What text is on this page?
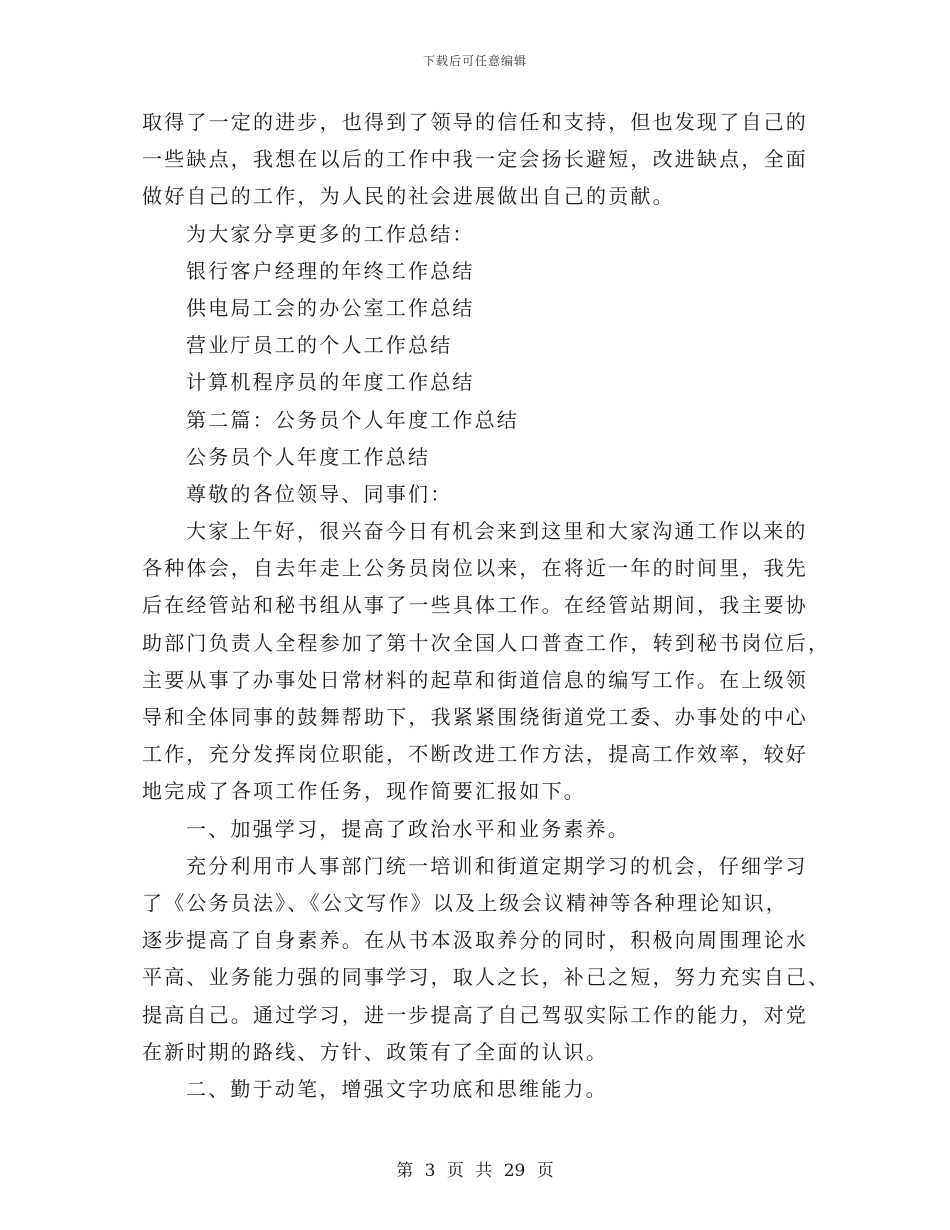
下载后可任意编辑
取得了一定的进步，也得到了领导的信任和支持，但也发现了自己的
一些缺点，我想在以后的工作中我一定会扬长避短，改进缺点，全面
做好自己的工作，为人民的社会进展做出自己的贡献。
为大家分享更多的工作总结：
银行客户经理的年终工作总结
供电局工会的办公室工作总结
营业厅员工的个人工作总结
计算机程序员的年度工作总结
第二篇：公务员个人年度工作总结
公务员个人年度工作总结
尊敬的各位领导、同事们：
大家上午好，很兴奋今日有机会来到这里和大家沟通工作以来的
各种体会，自去年走上公务员岗位以来，在将近一年的时间里，我先
后在经管站和秘书组从事了一些具体工作。在经管站期间，我主要协
助部门负责人全程参加了第十次全国人口普查工作，转到秘书岗位后，
主要从事了办事处日常材料的起草和街道信息的编写工作。在上级领
导和全体同事的鼓舞帮助下，我紧紧围绕街道党工委、办事处的中心
工作，充分发挥岗位职能，不断改进工作方法，提高工作效率，较好
地完成了各项工作任务，现作简要汇报如下。
一、加强学习，提高了政治水平和业务素养。
充分利用市人事部门统一培训和街道定期学习的机会，仔细学习
了《公务员法》、《公文写作》以及上级会议精神等各种理论知识，
逐步提高了自身素养。在从书本汲取养分的同时，积极向周围理论水
平高、业务能力强的同事学习，取人之长，补己之短，努力充实自己、
提高自己。通过学习，进一步提高了自己驾驭实际工作的能力，对党
在新时期的路线、方针、政策有了全面的认识。
二、勤于动笔，增强文字功底和思维能力。
第 3 页 共 29 页
